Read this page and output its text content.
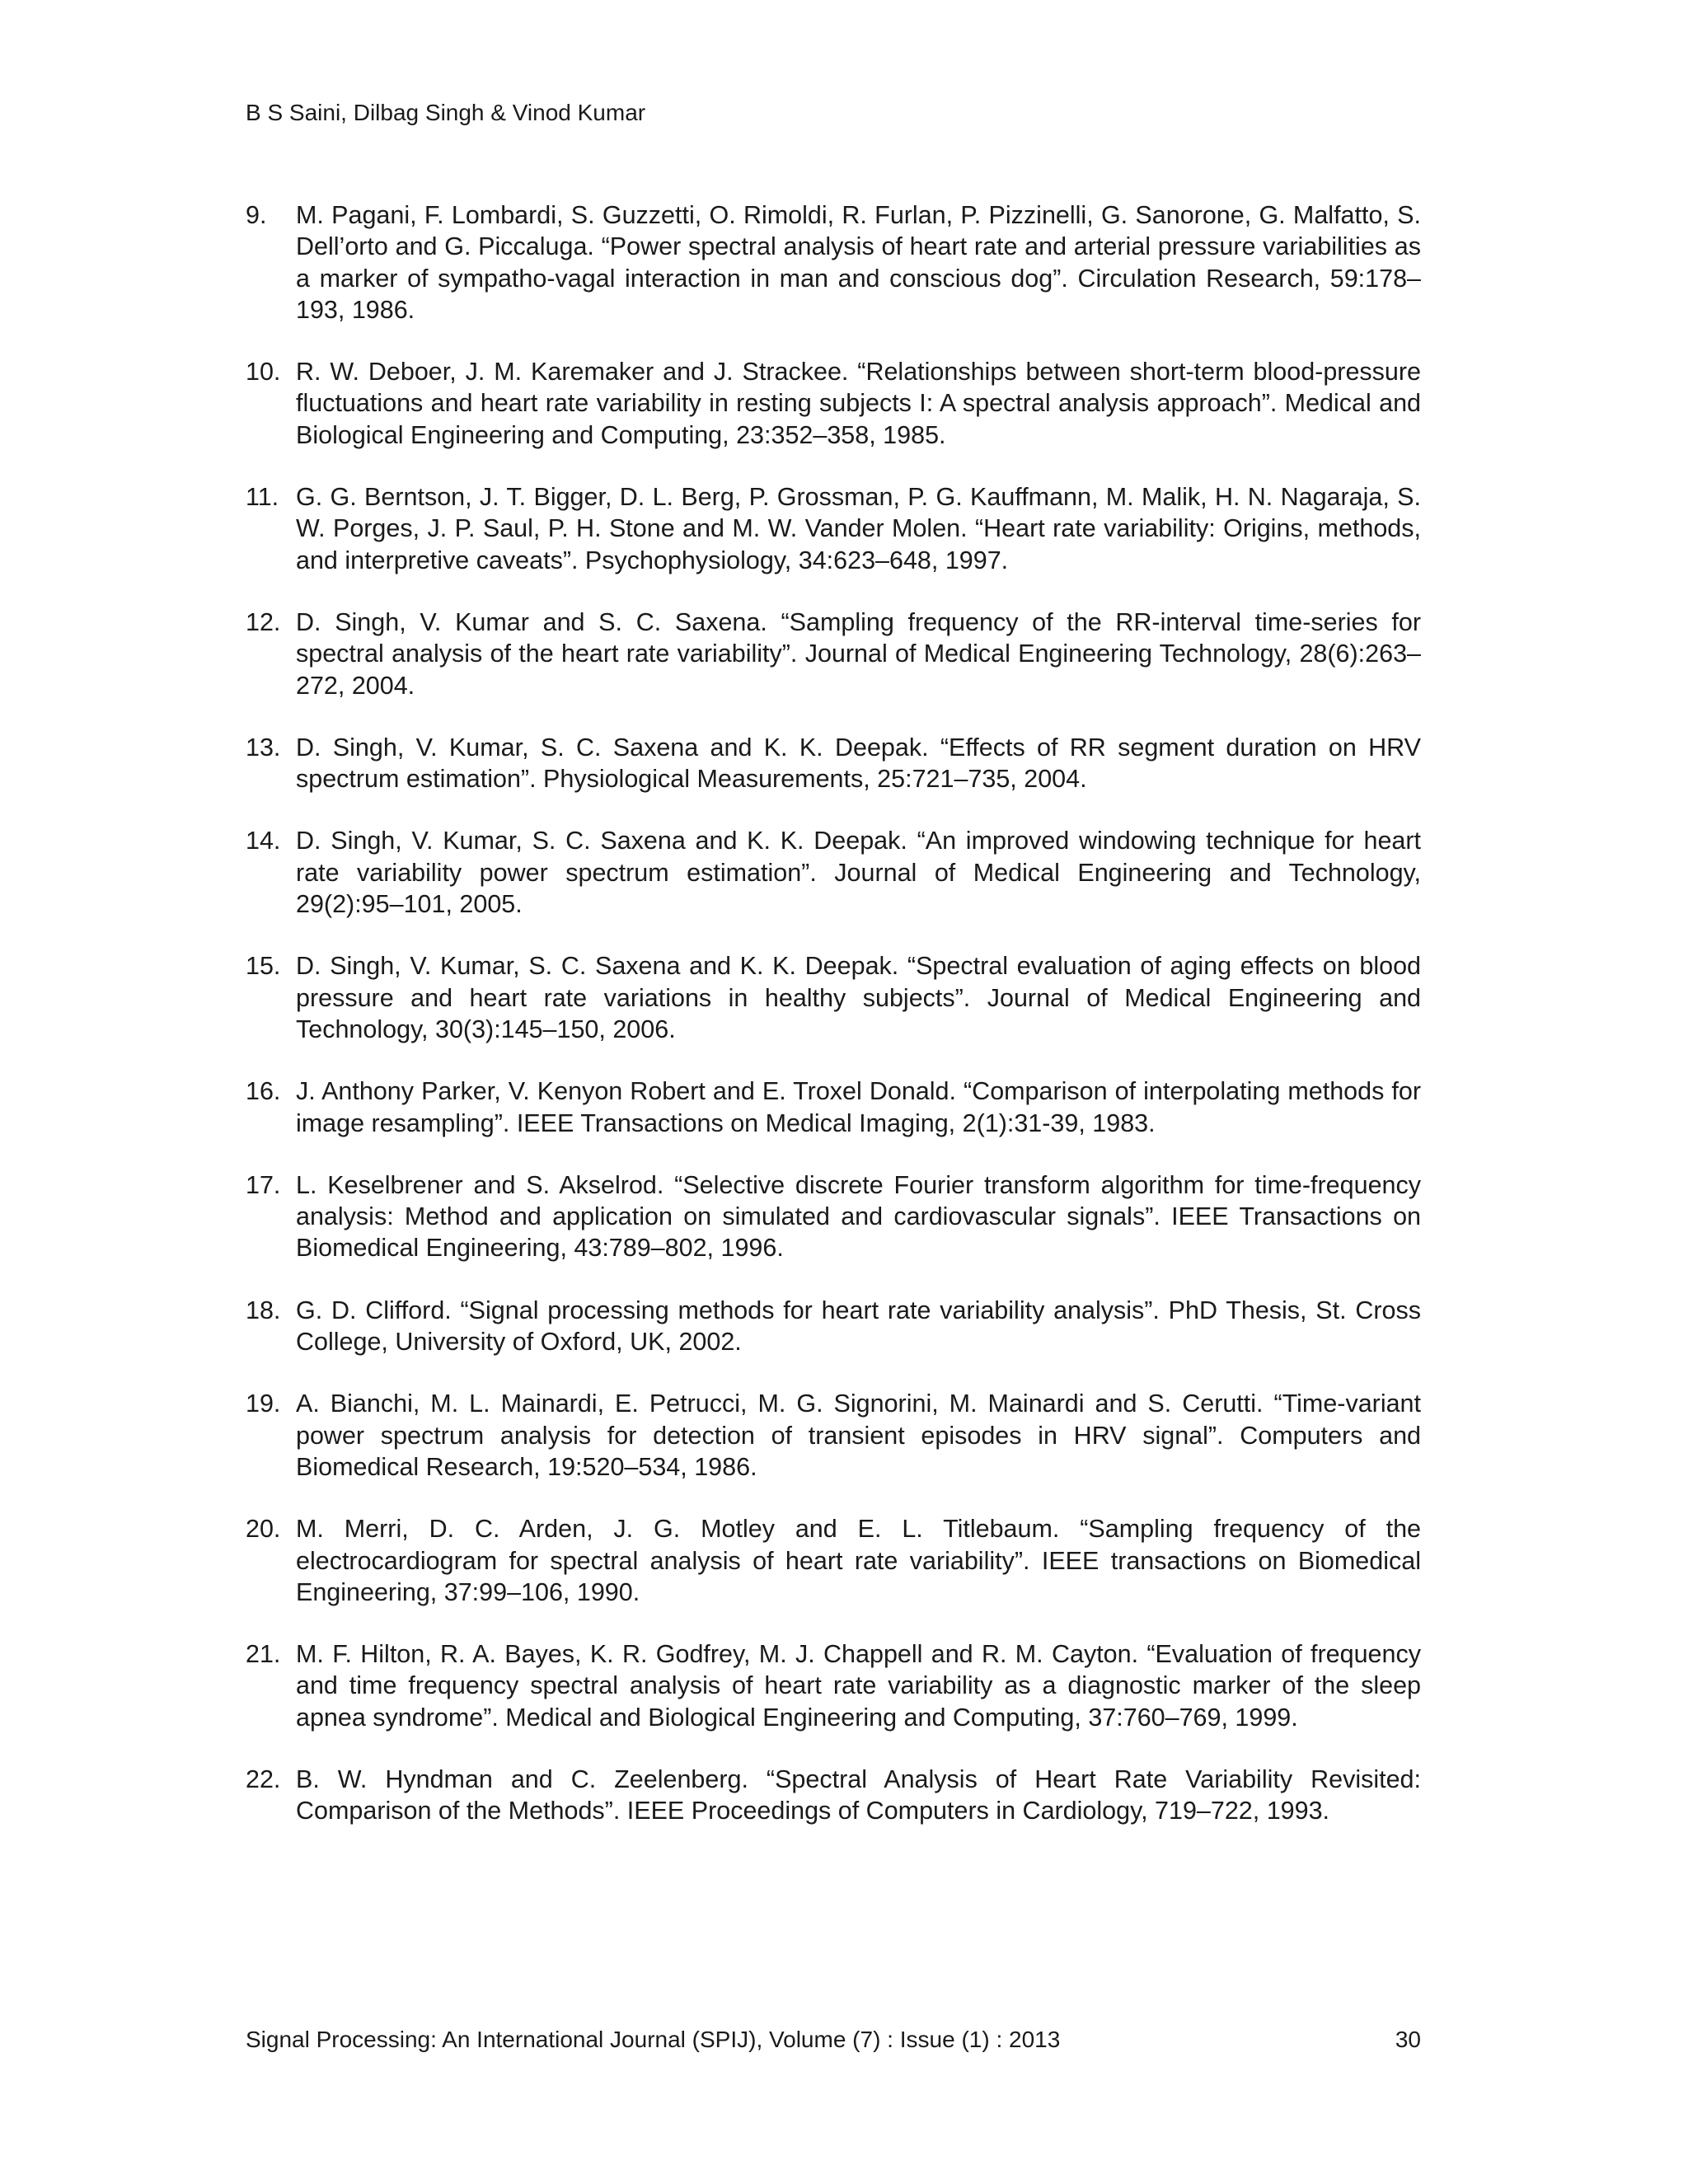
B S Saini, Dilbag Singh & Vinod Kumar
9. M. Pagani, F. Lombardi, S. Guzzetti, O. Rimoldi, R. Furlan, P. Pizzinelli, G. Sanorone, G. Malfatto, S. Dell’orto and G. Piccaluga. “Power spectral analysis of heart rate and arterial pressure variabilities as a marker of sympatho-vagal interaction in man and conscious dog”. Circulation Research, 59:178–193, 1986.
10. R. W. Deboer, J. M. Karemaker and J. Strackee. “Relationships between short-term blood-pressure fluctuations and heart rate variability in resting subjects I: A spectral analysis approach”. Medical and Biological Engineering and Computing, 23:352–358, 1985.
11. G. G. Berntson, J. T. Bigger, D. L. Berg, P. Grossman, P. G. Kauffmann, M. Malik, H. N. Nagaraja, S. W. Porges, J. P. Saul, P. H. Stone and M. W. Vander Molen. “Heart rate variability: Origins, methods, and interpretive caveats”. Psychophysiology, 34:623–648, 1997.
12. D. Singh, V. Kumar and S. C. Saxena. “Sampling frequency of the RR-interval time-series for spectral analysis of the heart rate variability”. Journal of Medical Engineering Technology, 28(6):263–272, 2004.
13. D. Singh, V. Kumar, S. C. Saxena and K. K. Deepak. “Effects of RR segment duration on HRV spectrum estimation”. Physiological Measurements, 25:721–735, 2004.
14. D. Singh, V. Kumar, S. C. Saxena and K. K. Deepak. “An improved windowing technique for heart rate variability power spectrum estimation”. Journal of Medical Engineering and Technology, 29(2):95–101, 2005.
15. D. Singh, V. Kumar, S. C. Saxena and K. K. Deepak. “Spectral evaluation of aging effects on blood pressure and heart rate variations in healthy subjects”. Journal of Medical Engineering and Technology, 30(3):145–150, 2006.
16. J. Anthony Parker, V. Kenyon Robert and E. Troxel Donald. “Comparison of interpolating methods for image resampling”. IEEE Transactions on Medical Imaging, 2(1):31-39, 1983.
17. L. Keselbrener and S. Akselrod. “Selective discrete Fourier transform algorithm for time-frequency analysis: Method and application on simulated and cardiovascular signals”. IEEE Transactions on Biomedical Engineering, 43:789–802, 1996.
18. G. D. Clifford. “Signal processing methods for heart rate variability analysis”. PhD Thesis, St. Cross College, University of Oxford, UK, 2002.
19. A. Bianchi, M. L. Mainardi, E. Petrucci, M. G. Signorini, M. Mainardi and S. Cerutti. “Time-variant power spectrum analysis for detection of transient episodes in HRV signal”. Computers and Biomedical Research, 19:520–534, 1986.
20. M. Merri, D. C. Arden, J. G. Motley and E. L. Titlebaum. “Sampling frequency of the electrocardiogram for spectral analysis of heart rate variability”. IEEE transactions on Biomedical Engineering, 37:99–106, 1990.
21. M. F. Hilton, R. A. Bayes, K. R. Godfrey, M. J. Chappell and R. M. Cayton. “Evaluation of frequency and time frequency spectral analysis of heart rate variability as a diagnostic marker of the sleep apnea syndrome”. Medical and Biological Engineering and Computing, 37:760–769, 1999.
22. B. W. Hyndman and C. Zeelenberg. “Spectral Analysis of Heart Rate Variability Revisited: Comparison of the Methods”. IEEE Proceedings of Computers in Cardiology, 719–722, 1993.
Signal Processing: An International Journal (SPIJ), Volume (7) : Issue (1) : 2013	30
